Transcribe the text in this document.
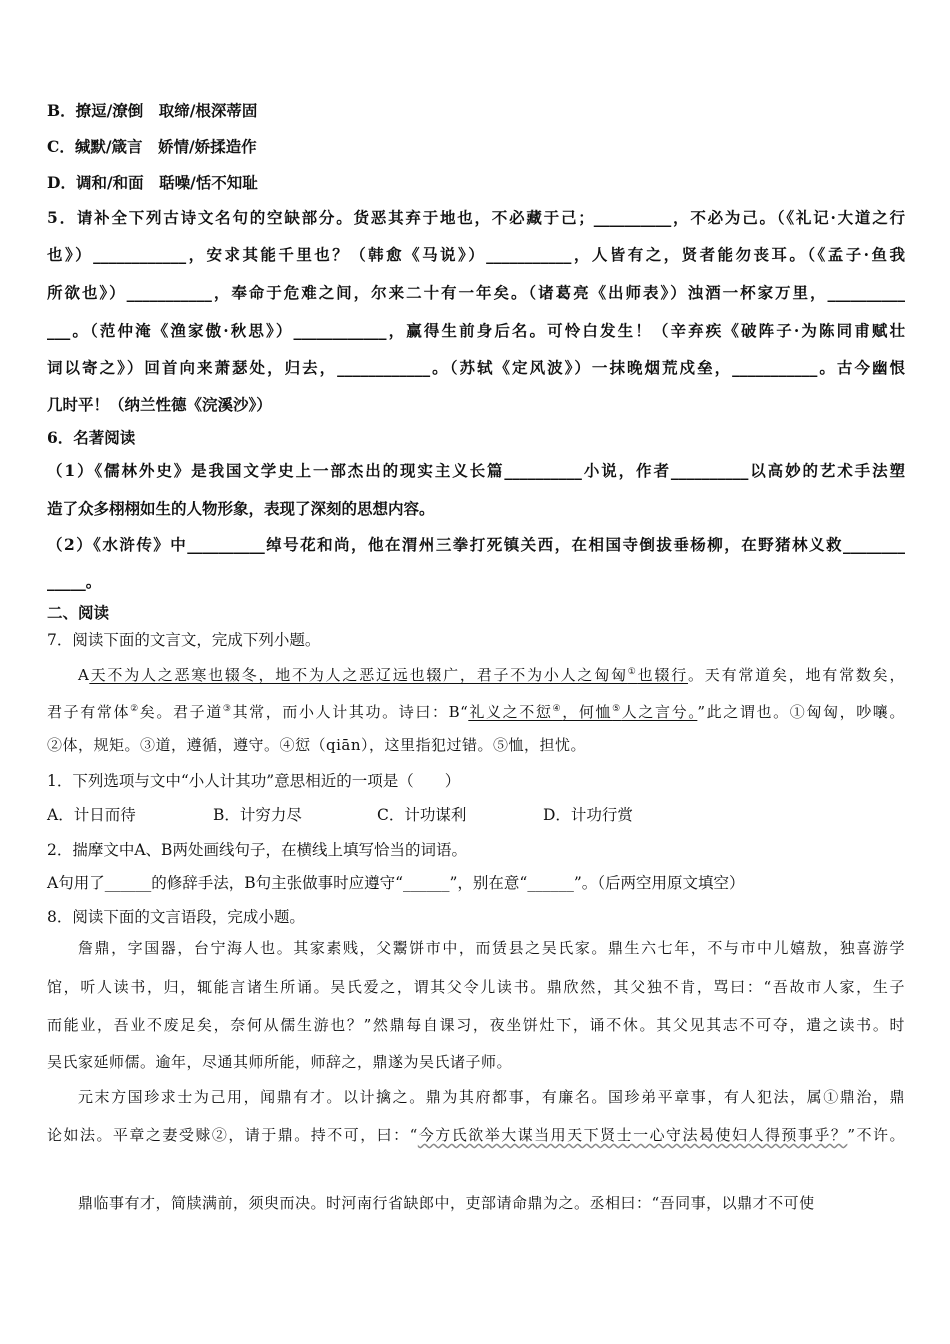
B．撩逗/潦倒　取缔/根深蒂固
C．缄默/箴言　娇情/娇揉造作
D．调和/和面　聒噪/恬不知耻
5．请补全下列古诗文名句的空缺部分。货恶其弃于地也，不必藏于己；__________，不必为己。（《礼记·大道之行
也》）____________，安求其能千里也？（韩愈《马说》）___________，人皆有之，贤者能勿丧耳。（《孟子·鱼我
所欲也》）___________，奉命于危难之间，尔来二十有一年矣。（诸葛亮《出师表》）浊酒一杯家万里，__________
___。（范仲淹《渔家傲·秋思》）____________，赢得生前身后名。可怜白发生！（辛弃疾《破阵子·为陈同甫赋壮
词以寄之》）回首向来萧瑟处，归去，____________。（苏轼《定风波》）一抹晚烟荒戍垒，___________。古今幽恨
几时平！（纳兰性德《浣溪沙》）
6．名著阅读
（1）《儒林外史》是我国文学史上一部杰出的现实主义长篇__________小说，作者__________以高妙的艺术手法塑
造了众多栩栩如生的人物形象，表现了深刻的思想内容。
（2）《水浒传》中__________绰号花和尚，他在渭州三拳打死镇关西，在相国寺倒拔垂杨柳，在野猪林义救________
_____。
二、阅读
7．阅读下面的文言文，完成下列小题。
A天不为人之恶寒也辍冬，地不为人之恶辽远也辍广，君子不为小人之匈匈①也辍行。天有常道矣，地有常数矣，
君子有常体②矣。君子道③其常，而小人计其功。诗曰：B“礼义之不愆④，何恤⑤人之言兮。”此之谓也。①匈匈，吵嚷。
②体，规矩。③道，遵循，遵守。④愆（qiān），这里指犯过错。⑤恤，担忧。
1．下列选项与文中“小人计其功”意思相近的一项是（　　）
A．计日而待	B．计穷力尽	C．计功谋利	D．计功行赏
2．揣摩文中A、B两处画线句子，在横线上填写恰当的词语。
A句用了______的修辞手法，B句主张做事时应遵守“______”，别在意“______”。（后两空用原文填空）
8．阅读下面的文言语段，完成小题。
詹鼎，字国器，台宁海人也。其家素贱，父鬻饼市中，而赁县之吴氏家。鼎生六七年，不与市中儿嬉敖，独喜游学
馆，听人读书，归，辄能言诸生所诵。吴氏爱之，谓其父令儿读书。鼎欣然，其父独不肯，骂曰：“吾故市人家，生子
而能业，吾业不废足矣，奈何从儒生游也？”然鼎每自课习，夜坐饼灶下，诵不休。其父见其志不可夺，遣之读书。时
吴氏家延师儒。逾年，尽通其师所能，师辞之，鼎遂为吴氏诸子师。
元末方国珍求士为己用，闻鼎有才。以计擒之。鼎为其府都事，有廉名。国珍弟平章事，有人犯法，属①鼎治，鼎
论如法。平章之妻受赇②，请于鼎。持不可，曰：“今方氏欲举大谋当用天下贤士一心守法曷使妇人得预事乎？”不许。
鼎临事有才，简牍满前，须臾而决。时河南行省缺郎中，吏部请命鼎为之。丞相曰：“吾同事，以鼎才不可使
